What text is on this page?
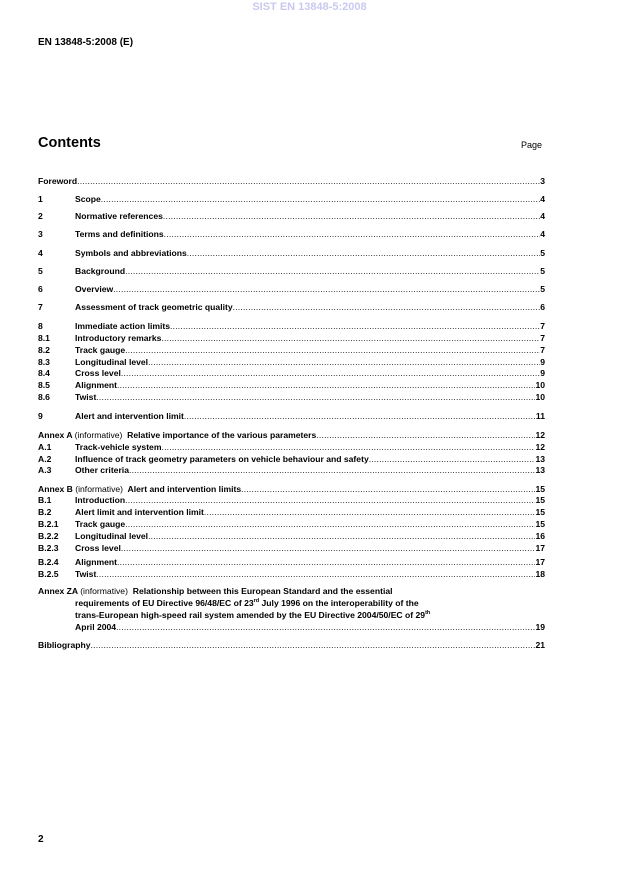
SIST EN 13848-5:2008
EN 13848-5:2008 (E)
Contents	Page
Foreword .....	3
1	Scope .....	4
2	Normative references .....	4
3	Terms and definitions .....	4
4	Symbols and abbreviations .....	5
5	Background .....	5
6	Overview .....	5
7	Assessment of track geometric quality .....	6
8	Immediate action limits .....	7
8.1	Introductory remarks .....	7
8.2	Track gauge .....	7
8.3	Longitudinal level .....	9
8.4	Cross level .....	9
8.5	Alignment .....	10
8.6	Twist .....	10
9	Alert and intervention limit .....	11
Annex A (informative) Relative importance of the various parameters .....	12
A.1	Track-vehicle system .....	12
A.2	Influence of track geometry parameters on vehicle behaviour and safety .....	13
A.3	Other criteria .....	13
Annex B (informative) Alert and intervention limits .....	15
B.1	Introduction .....	15
B.2	Alert limit and intervention limit .....	15
B.2.1	Track gauge .....	15
B.2.2	Longitudinal level .....	16
B.2.3	Cross level .....	17
B.2.4	Alignment .....	17
B.2.5	Twist .....	18
Annex ZA (informative) Relationship between this European Standard and the essential
requirements of EU Directive 96/48/EC of 23rd July 1996 on the interoperability of the
trans-European high-speed rail system amended by the EU Directive 2004/50/EC of 29th
April 2004 .....	19
Bibliography .....	21
2
